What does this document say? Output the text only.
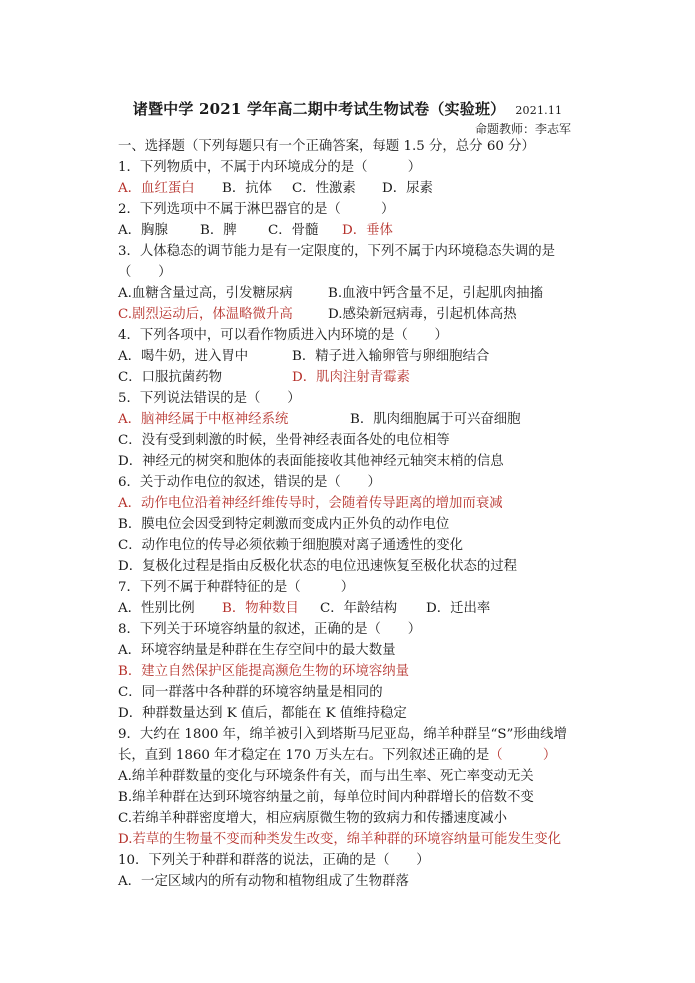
诸暨中学 2021 学年高二期中考试生物试卷（实验班） 2021.11
命题教师：李志军
一、选择题（下列每题只有一个正确答案，每题 1.5 分，总分 60 分）
1．下列物质中，不属于内环境成分的是（　　　）
A．血红蛋白 B．抗体 C．性激素 D．尿素
2．下列选项中不属于淋巴器官的是（　　　）
A．胸腺 B．脾 C．骨髓 D．垂体
3．人体稳态的调节能力是有一定限度的，下列不属于内环境稳态失调的是
（　　）
A.血糖含量过高，引发糖尿病	B.血液中钙含量不足，引起肌肉抽搐
C.剧烈运动后，体温略微升高	D.感染新冠病毒，引起机体高热
4．下列各项中，可以看作物质进入内环境的是（　　）
A．喝牛奶，进入胃中	B．精子进入输卵管与卵细胞结合
C．口服抗菌药物	D．肌肉注射青霉素
5．下列说法错误的是（　　）
A．脑神经属于中枢神经系统	B．肌肉细胞属于可兴奋细胞
C．没有受到刺激的时候，坐骨神经表面各处的电位相等
D．神经元的树突和胞体的表面能接收其他神经元轴突末梢的信息
6．关于动作电位的叙述，错误的是（　　）
A．动作电位沿着神经纤维传导时，会随着传导距离的增加而衰减
B．膜电位会因受到特定刺激而变成内正外负的动作电位
C．动作电位的传导必须依赖于细胞膜对离子通透性的变化
D．复极化过程是指由反极化状态的电位迅速恢复至极化状态的过程
7．下列不属于种群特征的是（　　　）
A．性别比例 B．物种数目 C．年龄结构 D．迁出率
8．下列关于环境容纳量的叙述，正确的是（　　）
A．环境容纳量是种群在生存空间中的最大数量
B．建立自然保护区能提高濒危生物的环境容纳量
C．同一群落中各种群的环境容纳量是相同的
D．种群数量达到 K 值后，都能在 K 值维持稳定
9．大约在 1800 年，绵羊被引入到塔斯马尼亚岛，绵羊种群呈“S”形曲线增
长，直到 1860 年才稳定在 170 万头左右。下列叙述正确的是（　　　）
A.绵羊种群数量的变化与环境条件有关，而与出生率、死亡率变动无关
B.绵羊种群在达到环境容纳量之前，每单位时间内种群增长的倍数不变
C.若绵羊种群密度增大，相应病原微生物的致病力和传播速度减小
D.若草的生物量不变而种类发生改变，绵羊种群的环境容纳量可能发生变化
10．下列关于种群和群落的说法，正确的是（　　）
A．一定区域内的所有动物和植物组成了生物群落
